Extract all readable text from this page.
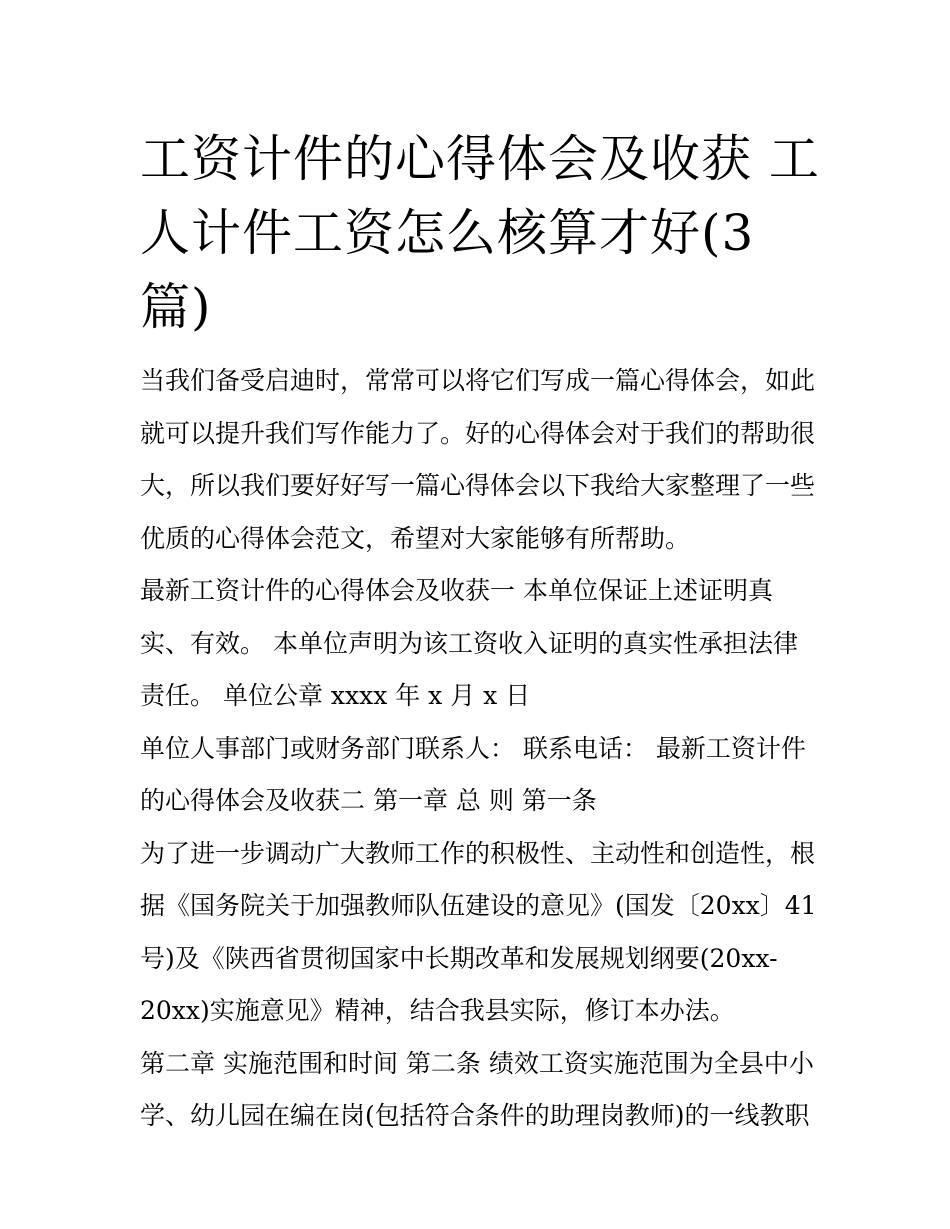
工资计件的心得体会及收获 工人计件工资怎么核算才好(3篇)

当我们备受启迪时，常常可以将它们写成一篇心得体会，如此就可以提升我们写作能力了。好的心得体会对于我们的帮助很大，所以我们要好好写一篇心得体会以下我给大家整理了一些优质的心得体会范文，希望对大家能够有所帮助。

最新工资计件的心得体会及收获一 本单位保证上述证明真实、有效。 本单位声明为该工资收入证明的真实性承担法律责任。 单位公章 xxxx 年 x 月 x 日

单位人事部门或财务部门联系人： 联系电话： 最新工资计件的心得体会及收获二 第一章 总 则 第一条

为了进一步调动广大教师工作的积极性、主动性和创造性，根据《国务院关于加强教师队伍建设的意见》(国发〔20xx〕41号)及《陕西省贯彻国家中长期改革和发展规划纲要(20xx-20xx)实施意见》精神，结合我县实际，修订本办法。

第二章 实施范围和时间 第二条 绩效工资实施范围为全县中小学、幼儿园在编在岗(包括符合条件的助理岗教师)的一线教职
